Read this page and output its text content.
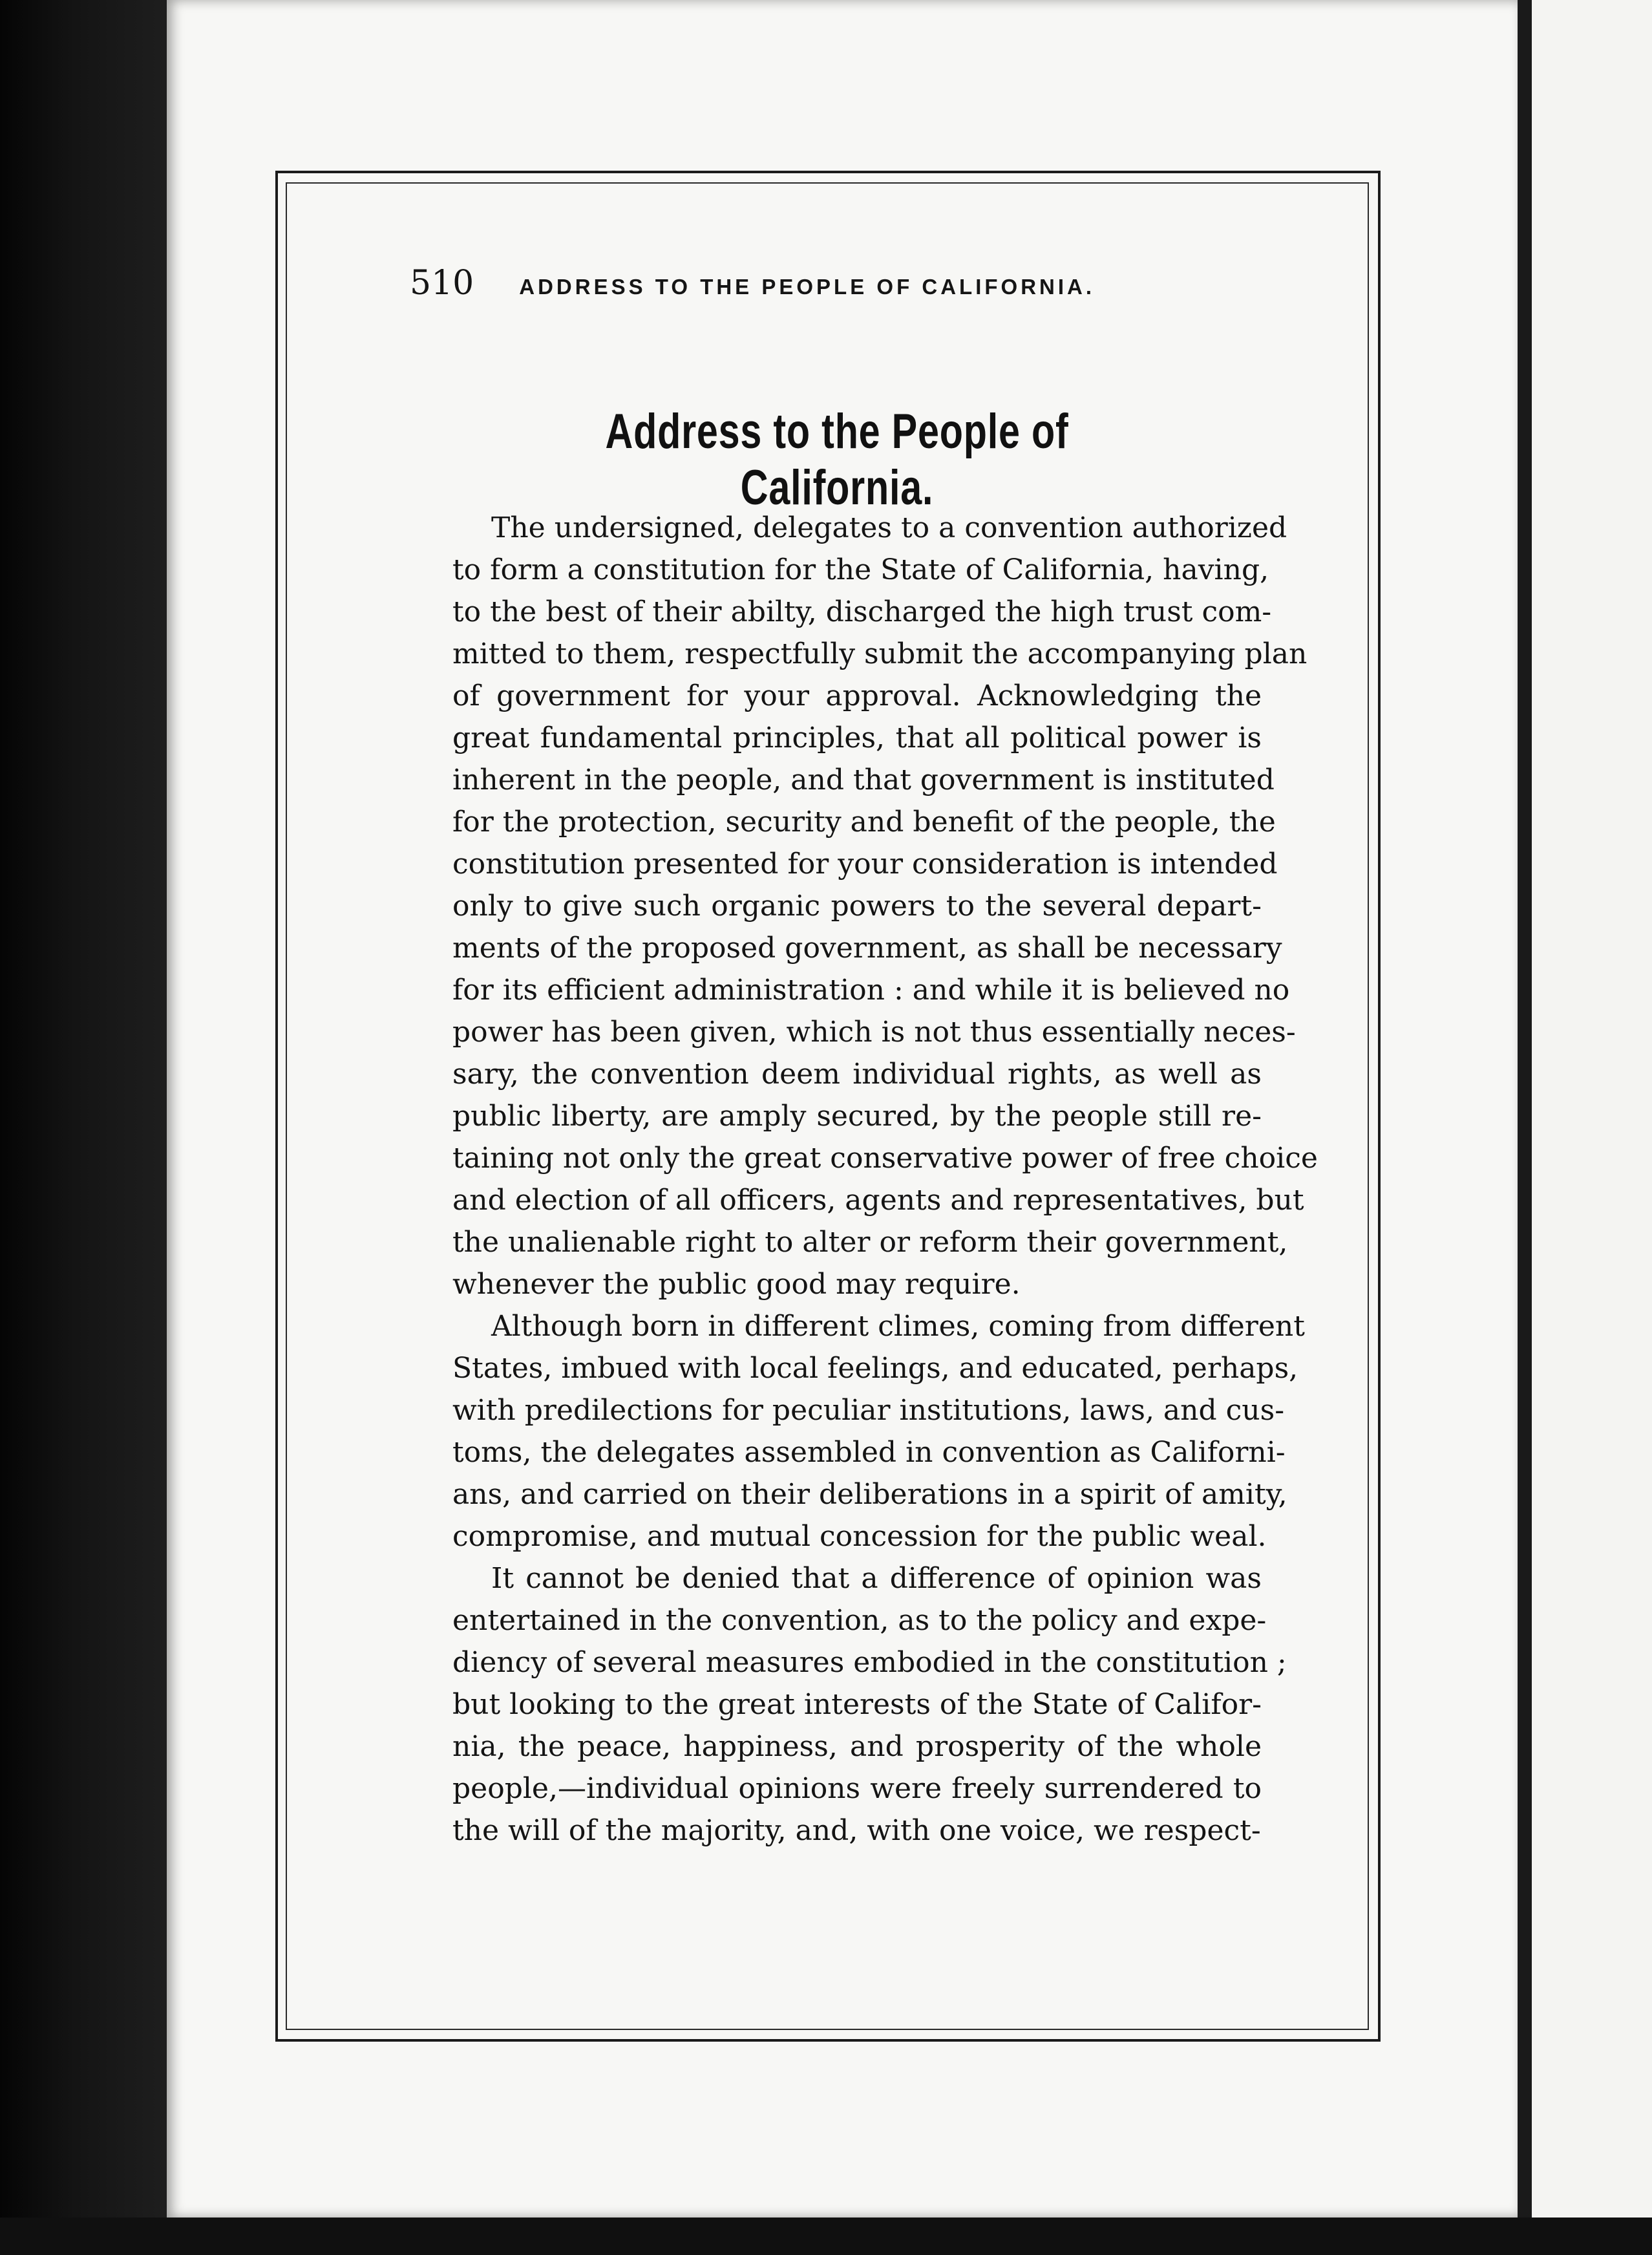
510 ADDRESS TO THE PEOPLE OF CALIFORNIA.
Address to the People of California.
The undersigned, delegates to a convention authorized
to form a constitution for the State of California, having,
to the best of their abilty, discharged the high trust com-
mitted to them, respectfully submit the accompanying plan
of government for your approval. Acknowledging the
great fundamental principles, that all political power is
inherent in the people, and that government is instituted
for the protection, security and benefit of the people, the
constitution presented for your consideration is intended
only to give such organic powers to the several depart-
ments of the proposed government, as shall be necessary
for its efficient administration : and while it is believed no
power has been given, which is not thus essentially neces-
sary, the convention deem individual rights, as well as
public liberty, are amply secured, by the people still re-
taining not only the great conservative power of free choice
and election of all officers, agents and representatives, but
the unalienable right to alter or reform their government,
whenever the public good may require.
Although born in different climes, coming from different
States, imbued with local feelings, and educated, perhaps,
with predilections for peculiar institutions, laws, and cus-
toms, the delegates assembled in convention as Californi-
ans, and carried on their deliberations in a spirit of amity,
compromise, and mutual concession for the public weal.
It cannot be denied that a difference of opinion was
entertained in the convention, as to the policy and expe-
diency of several measures embodied in the constitution ;
but looking to the great interests of the State of Califor-
nia, the peace, happiness, and prosperity of the whole
people,—individual opinions were freely surrendered to
the will of the majority, and, with one voice, we respect-
